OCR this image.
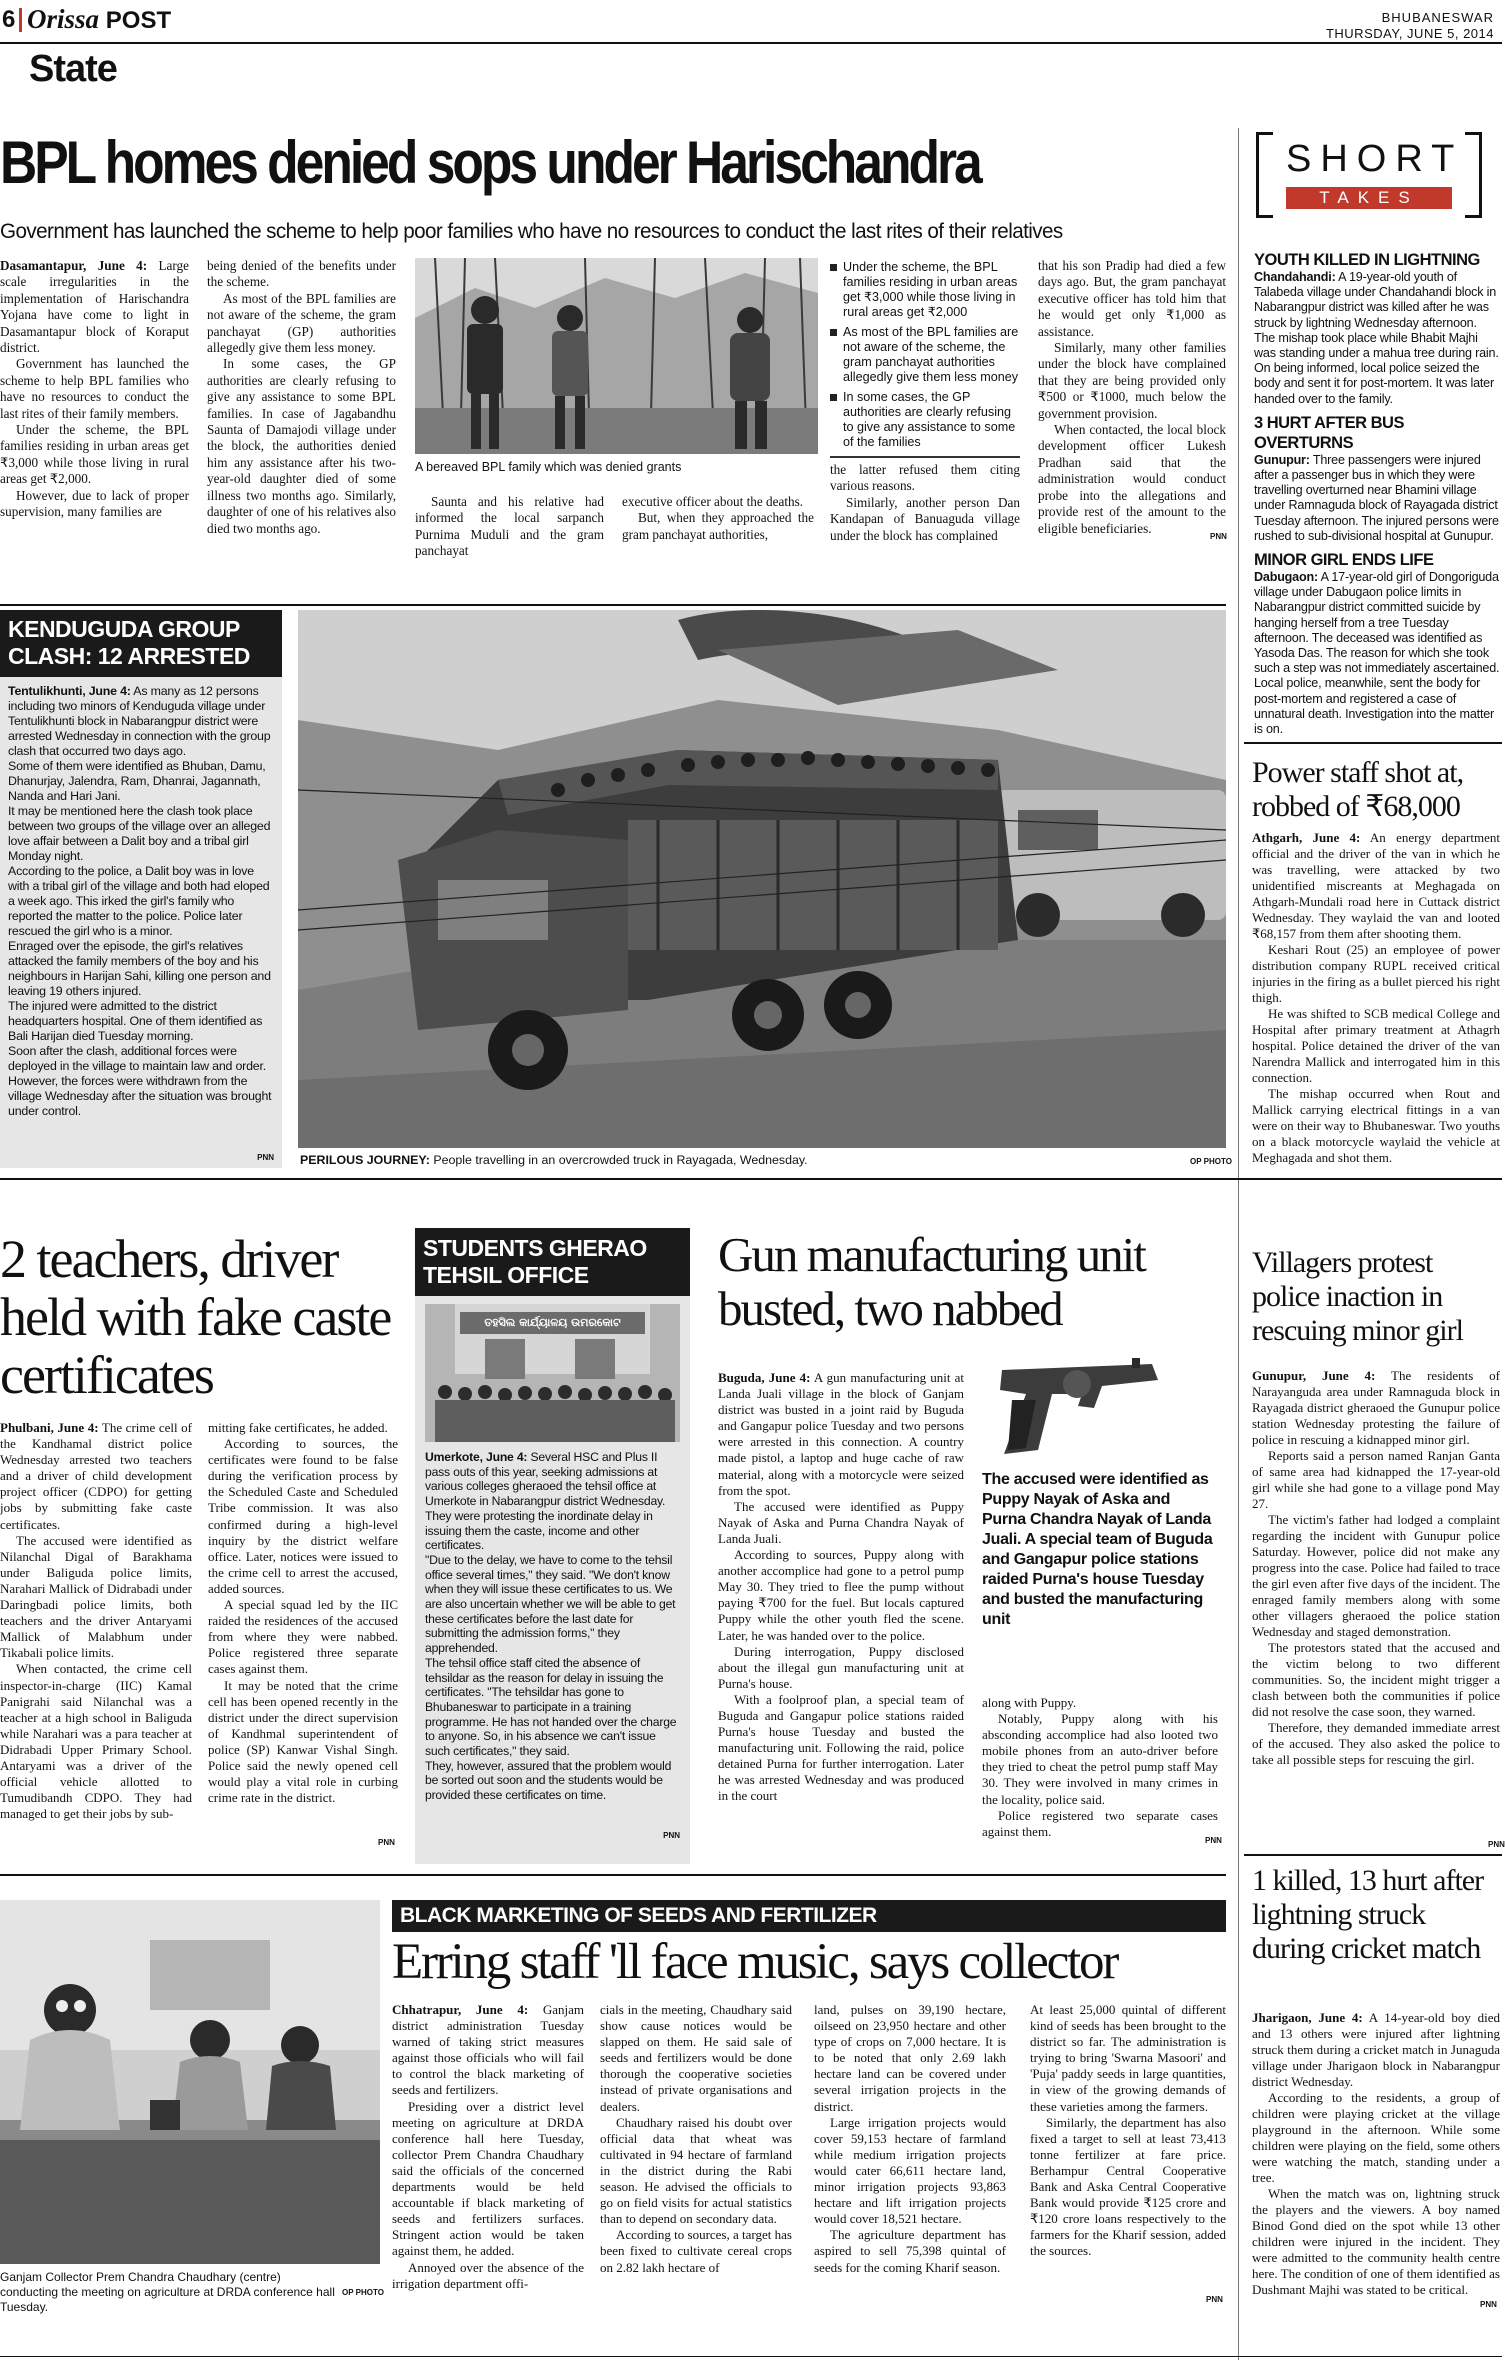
6 Orissa POST
State
BHUBANESWAR
THURSDAY, JUNE 5, 2014
BPL homes denied sops under Harischandra
Government has launched the scheme to help poor families who have no resources to conduct the last rites of their relatives

Dasamantapur, June 4: Large scale irregularities in the implementation of Harischandra Yojana have come to light in Dasamantapur block of Koraput district.

Government has launched the scheme to help BPL families who have no resources to conduct the last rites of their family members.

Under the scheme, the BPL families residing in urban areas get ₹3,000 while those living in rural areas get ₹2,000.

However, due to lack of proper supervision, many families are

being denied of the benefits under the scheme.

As most of the BPL families are not aware of the scheme, the gram panchayat (GP) authorities allegedly give them less money.

In some cases, the GP authorities are clearly refusing to give any assistance to some BPL families. In case of Jagabandhu Saunta of Damajodi village under the block, the authorities denied him any assistance after his two-year-old daughter died of some illness two months ago. Similarly, daughter of one of his relatives also died two months ago.

A bereaved BPL family which was denied grants

Saunta and his relative had informed the local sarpanch Purnima Muduli and the gram panchayat

executive officer about the deaths.

But, when they approached the gram panchayat authorities,

Under the scheme, the BPL families residing in urban areas get ₹3,000 while those living in rural areas get ₹2,000
As most of the BPL families are not aware of the scheme, the gram panchayat authorities allegedly give them less money
In some cases, the GP authorities are clearly refusing to give any assistance to some of the families

the latter refused them citing various reasons.

Similarly, another person Dan Kandapan of Banuaguda village under the block has complained

that his son Pradip had died a few days ago. But, the gram panchayat executive officer has told him that he would get only ₹1,000 as assistance.

Similarly, many other families under the block have complained that they are being provided only ₹500 or ₹1000, much below the government provision.

When contacted, the local block development officer Lukesh Pradhan said that the administration would conduct probe into the allegations and provide rest of the amount to the eligible beneficiaries.

PNN
SHORT
TAKES
YOUTH KILLED IN LIGHTNING
Chandahandi: A 19-year-old youth of Talabeda village under Chandahandi block in Nabarangpur district was killed after he was struck by lightning Wednesday afternoon. The mishap took place while Bhabit Majhi was standing under a mahua tree during rain. On being informed, local police seized the body and sent it for post-mortem. It was later handed over to the family.
3 HURT AFTER BUS OVERTURNS
Gunupur: Three passengers were injured after a passenger bus in which they were travelling overturned near Bhamini village under Ramnaguda block of Rayagada district Tuesday afternoon. The injured persons were rushed to sub-divisional hospital at Gunupur.
MINOR GIRL ENDS LIFE
Dabugaon: A 17-year-old girl of Dongoriguda village under Dabugaon police limits in Nabarangpur district committed suicide by hanging herself from a tree Tuesday afternoon. The deceased was identified as Yasoda Das. The reason for which she took such a step was not immediately ascertained. Local police, meanwhile, sent the body for post-mortem and registered a case of unnatural death. Investigation into the matter is on.
KENDUGUDA GROUP
CLASH: 12 ARRESTED
Tentulikhunti, June 4: As many as 12 persons including two minors of Kenduguda village under Tentulikhunti block in Nabarangpur district were arrested Wednesday in connection with the group clash that occurred two days ago.
Some of them were identified as Bhuban, Damu, Dhanurjay, Jalendra, Ram, Dhanrai, Jagannath, Nanda and Hari Jani.
It may be mentioned here the clash took place between two groups of the village over an alleged love affair between a Dalit boy and a tribal girl Monday night.
According to the police, a Dalit boy was in love with a tribal girl of the village and both had eloped a week ago. This irked the girl's family who reported the matter to the police. Police later rescued the girl who is a minor.
Enraged over the episode, the girl's relatives attacked the family members of the boy and his neighbours in Harijan Sahi, killing one person and leaving 19 others injured.
The injured were admitted to the district headquarters hospital. One of them identified as Bali Harijan died Tuesday morning.
Soon after the clash, additional forces were deployed in the village to maintain law and order. However, the forces were withdrawn from the village Wednesday after the situation was brought under control.
PNN PERILOUS JOURNEY: People travelling in an overcrowded truck in Rayagada, Wednesday.	OP PHOTO
Power staff shot at, robbed of ₹68,000

Athgarh, June 4: An energy department official and the driver of the van in which he was travelling, were attacked by two unidentified miscreants at Meghagada on Athgarh-Mundali road here in Cuttack district Wednesday. They waylaid the van and looted ₹68,157 from them after shooting them.

Keshari Rout (25) an employee of power distribution company RUPL received critical injuries in the firing as a bullet pierced his right thigh.

He was shifted to SCB medical College and Hospital after primary treatment at Athagrh hospital. Police detained the driver of the van Narendra Mallick and interrogated him in this connection.

The mishap occurred when Rout and Mallick carrying electrical fittings in a van were on their way to Bhubaneswar. Two youths on a black motorcycle waylaid the vehicle at Meghagada and shot them.

2 teachers, driver held with fake caste certificates

Phulbani, June 4: The crime cell of the Kandhamal district police Wednesday arrested two teachers and a driver of child development project officer (CDPO) for getting jobs by submitting fake caste certificates.

The accused were identified as Nilanchal Digal of Barakhama under Baliguda police limits, Narahari Mallick of Didrabadi under Daringbadi police limits, both teachers and the driver Antaryami Mallick of Malabhum under Tikabali police limits.

When contacted, the crime cell inspector-in-charge (IIC) Kamal Panigrahi said Nilanchal was a teacher at a high school in Baliguda while Narahari was a para teacher at Didrabadi Upper Primary School. Antaryami was a driver of the official vehicle allotted to Tumudibandh CDPO. They had managed to get their jobs by sub-

mitting fake certificates, he added.

According to sources, the certificates were found to be false during the verification process by the Scheduled Caste and Scheduled Tribe commission. It was also confirmed during a high-level inquiry by the district welfare office. Later, notices were issued to the crime cell to arrest the accused, added sources.

A special squad led by the IIC raided the residences of the accused from where they were nabbed. Police registered three separate cases against them.

It may be noted that the crime cell has been opened recently in the district under the direct supervision of Kandhmal superintendent of police (SP) Kanwar Vishal Singh. Police said the newly opened cell would play a vital role in curbing crime rate in the district.

PNN
STUDENTS GHERAO
TEHSIL OFFICE
ତହସିଲ କାର୍ଯ୍ୟାଳୟ ଉମରକୋଟ
Umerkote, June 4: Several HSC and Plus II pass outs of this year, seeking admissions at various colleges gheraoed the tehsil office at Umerkote in Nabarangpur district Wednesday. They were protesting the inordinate delay in issuing them the caste, income and other certificates.
"Due to the delay, we have to come to the tehsil office several times," they said. "We don't know when they will issue these certificates to us. We are also uncertain whether we will be able to get these certificates before the last date for submitting the admission forms," they apprehended.
The tehsil office staff cited the absence of tehsildar as the reason for delay in issuing the certificates. "The tehsildar has gone to Bhubaneswar to participate in a training programme. He has not handed over the charge to anyone. So, in his absence we can't issue such certificates," they said.
They, however, assured that the problem would be sorted out soon and the students would be provided these certificates on time.
PNN
Gun manufacturing unit busted, two nabbed

Buguda, June 4: A gun manufacturing unit at Landa Juali village in the block of Ganjam district was busted in a joint raid by Buguda and Gangapur police Tuesday and two persons were arrested in this connection. A country made pistol, a laptop and huge cache of raw material, along with a motorcycle were seized from the spot.

The accused were identified as Puppy Nayak of Aska and Purna Chandra Nayak of Landa Juali.

According to sources, Puppy along with another accomplice had gone to a petrol pump May 30. They tried to flee the pump without paying ₹700 for the fuel. But locals captured Puppy while the other youth fled the scene. Later, he was handed over to the police.

During interrogation, Puppy disclosed about the illegal gun manufacturing unit at Purna's house.

With a foolproof plan, a special team of Buguda and Gangapur police stations raided Purna's house Tuesday and busted the manufacturing unit. Following the raid, police detained Purna for further interrogation. Later he was arrested Wednesday and was produced in the court

The accused were identified as Puppy Nayak of Aska and Purna Chandra Nayak of Landa Juali. A special team of Buguda and Gangapur police stations raided Purna's house Tuesday and busted the manufacturing unit

along with Puppy.

Notably, Puppy along with his absconding accomplice had also looted two mobile phones from an auto-driver before they tried to cheat the petrol pump staff May 30. They were involved in many crimes in the locality, police said.

Police registered two separate cases against them.

PNN
Villagers protest police inaction in rescuing minor girl

Gunupur, June 4: The residents of Narayanguda area under Ramnaguda block in Rayagada district gheraoed the Gunupur police station Wednesday protesting the failure of police in rescuing a kidnapped minor girl.

Reports said a person named Ranjan Ganta of same area had kidnapped the 17-year-old girl while she had gone to a village pond May 27.

The victim's father had lodged a complaint regarding the incident with Gunupur police Saturday. However, police did not make any progress into the case. Police had failed to trace the girl even after five days of the incident. The enraged family members along with some other villagers gheraoed the police station Wednesday and staged demonstration.

The protestors stated that the accused and the victim belong to two different communities. So, the incident might trigger a clash between both the communities if police did not resolve the case soon, they warned.

Therefore, they demanded immediate arrest of the accused. They also asked the police to take all possible steps for rescuing the girl.

PNN
Ganjam Collector Prem Chandra Chaudhary (centre) conducting the meeting on agriculture at DRDA conference hall Tuesday.
OP PHOTO
BLACK MARKETING OF SEEDS AND FERTILIZER
Erring staff 'll face music, says collector

Chhatrapur, June 4: Ganjam district administration Tuesday warned of taking strict measures against those officials who will fail to control the black marketing of seeds and fertilizers.

Presiding over a district level meeting on agriculture at DRDA conference hall here Tuesday, collector Prem Chandra Chaudhary said the officials of the concerned departments would be held accountable if black marketing of seeds and fertilizers surfaces. Stringent action would be taken against them, he added.

Annoyed over the absence of the irrigation department offi-

cials in the meeting, Chaudhary said show cause notices would be slapped on them. He said sale of seeds and fertilizers would be done thorough the cooperative societies instead of private organisations and dealers.

Chaudhary raised his doubt over official data that wheat was cultivated in 94 hectare of farmland in the district during the Rabi season. He advised the officials to go on field visits for actual statistics than to depend on secondary data.

According to sources, a target has been fixed to cultivate cereal crops on 2.82 lakh hectare of

land, pulses on 39,190 hectare, oilseed on 23,950 hectare and other type of crops on 7,000 hectare. It is to be noted that only 2.69 lakh hectare land can be covered under several irrigation projects in the district.

Large irrigation projects would cover 59,153 hectare of farmland while medium irrigation projects would cater 66,611 hectare land, minor irrigation projects 93,863 hectare and lift irrigation projects would cover 18,521 hectare.

The agriculture department has aspired to sell 75,398 quintal of seeds for the coming Kharif season.

At least 25,000 quintal of different kind of seeds has been brought to the district so far. The administration is trying to bring 'Swarna Masoori' and 'Puja' paddy seeds in large quantities, in view of the growing demands of these varieties among the farmers.

Similarly, the department has also fixed a target to sell at least 73,413 tonne fertilizer at fare price. Berhampur Central Cooperative Bank and Aska Central Cooperative Bank would provide ₹125 crore and ₹120 crore loans respectively to the farmers for the Kharif session, added the sources.

PNN
1 killed, 13 hurt after lightning struck during cricket match

Jharigaon, June 4: A 14-year-old boy died and 13 others were injured after lightning struck them during a cricket match in Junaguda village under Jharigaon block in Nabarangpur district Wednesday.

According to the residents, a group of children were playing cricket at the village playground in the afternoon. While some children were playing on the field, some others were watching the match, standing under a tree.

When the match was on, lightning struck the players and the viewers. A boy named Binod Gond died on the spot while 13 other children were injured in the incident. They were admitted to the community health centre here. The condition of one of them identified as Dushmant Majhi was stated to be critical.

PNN
